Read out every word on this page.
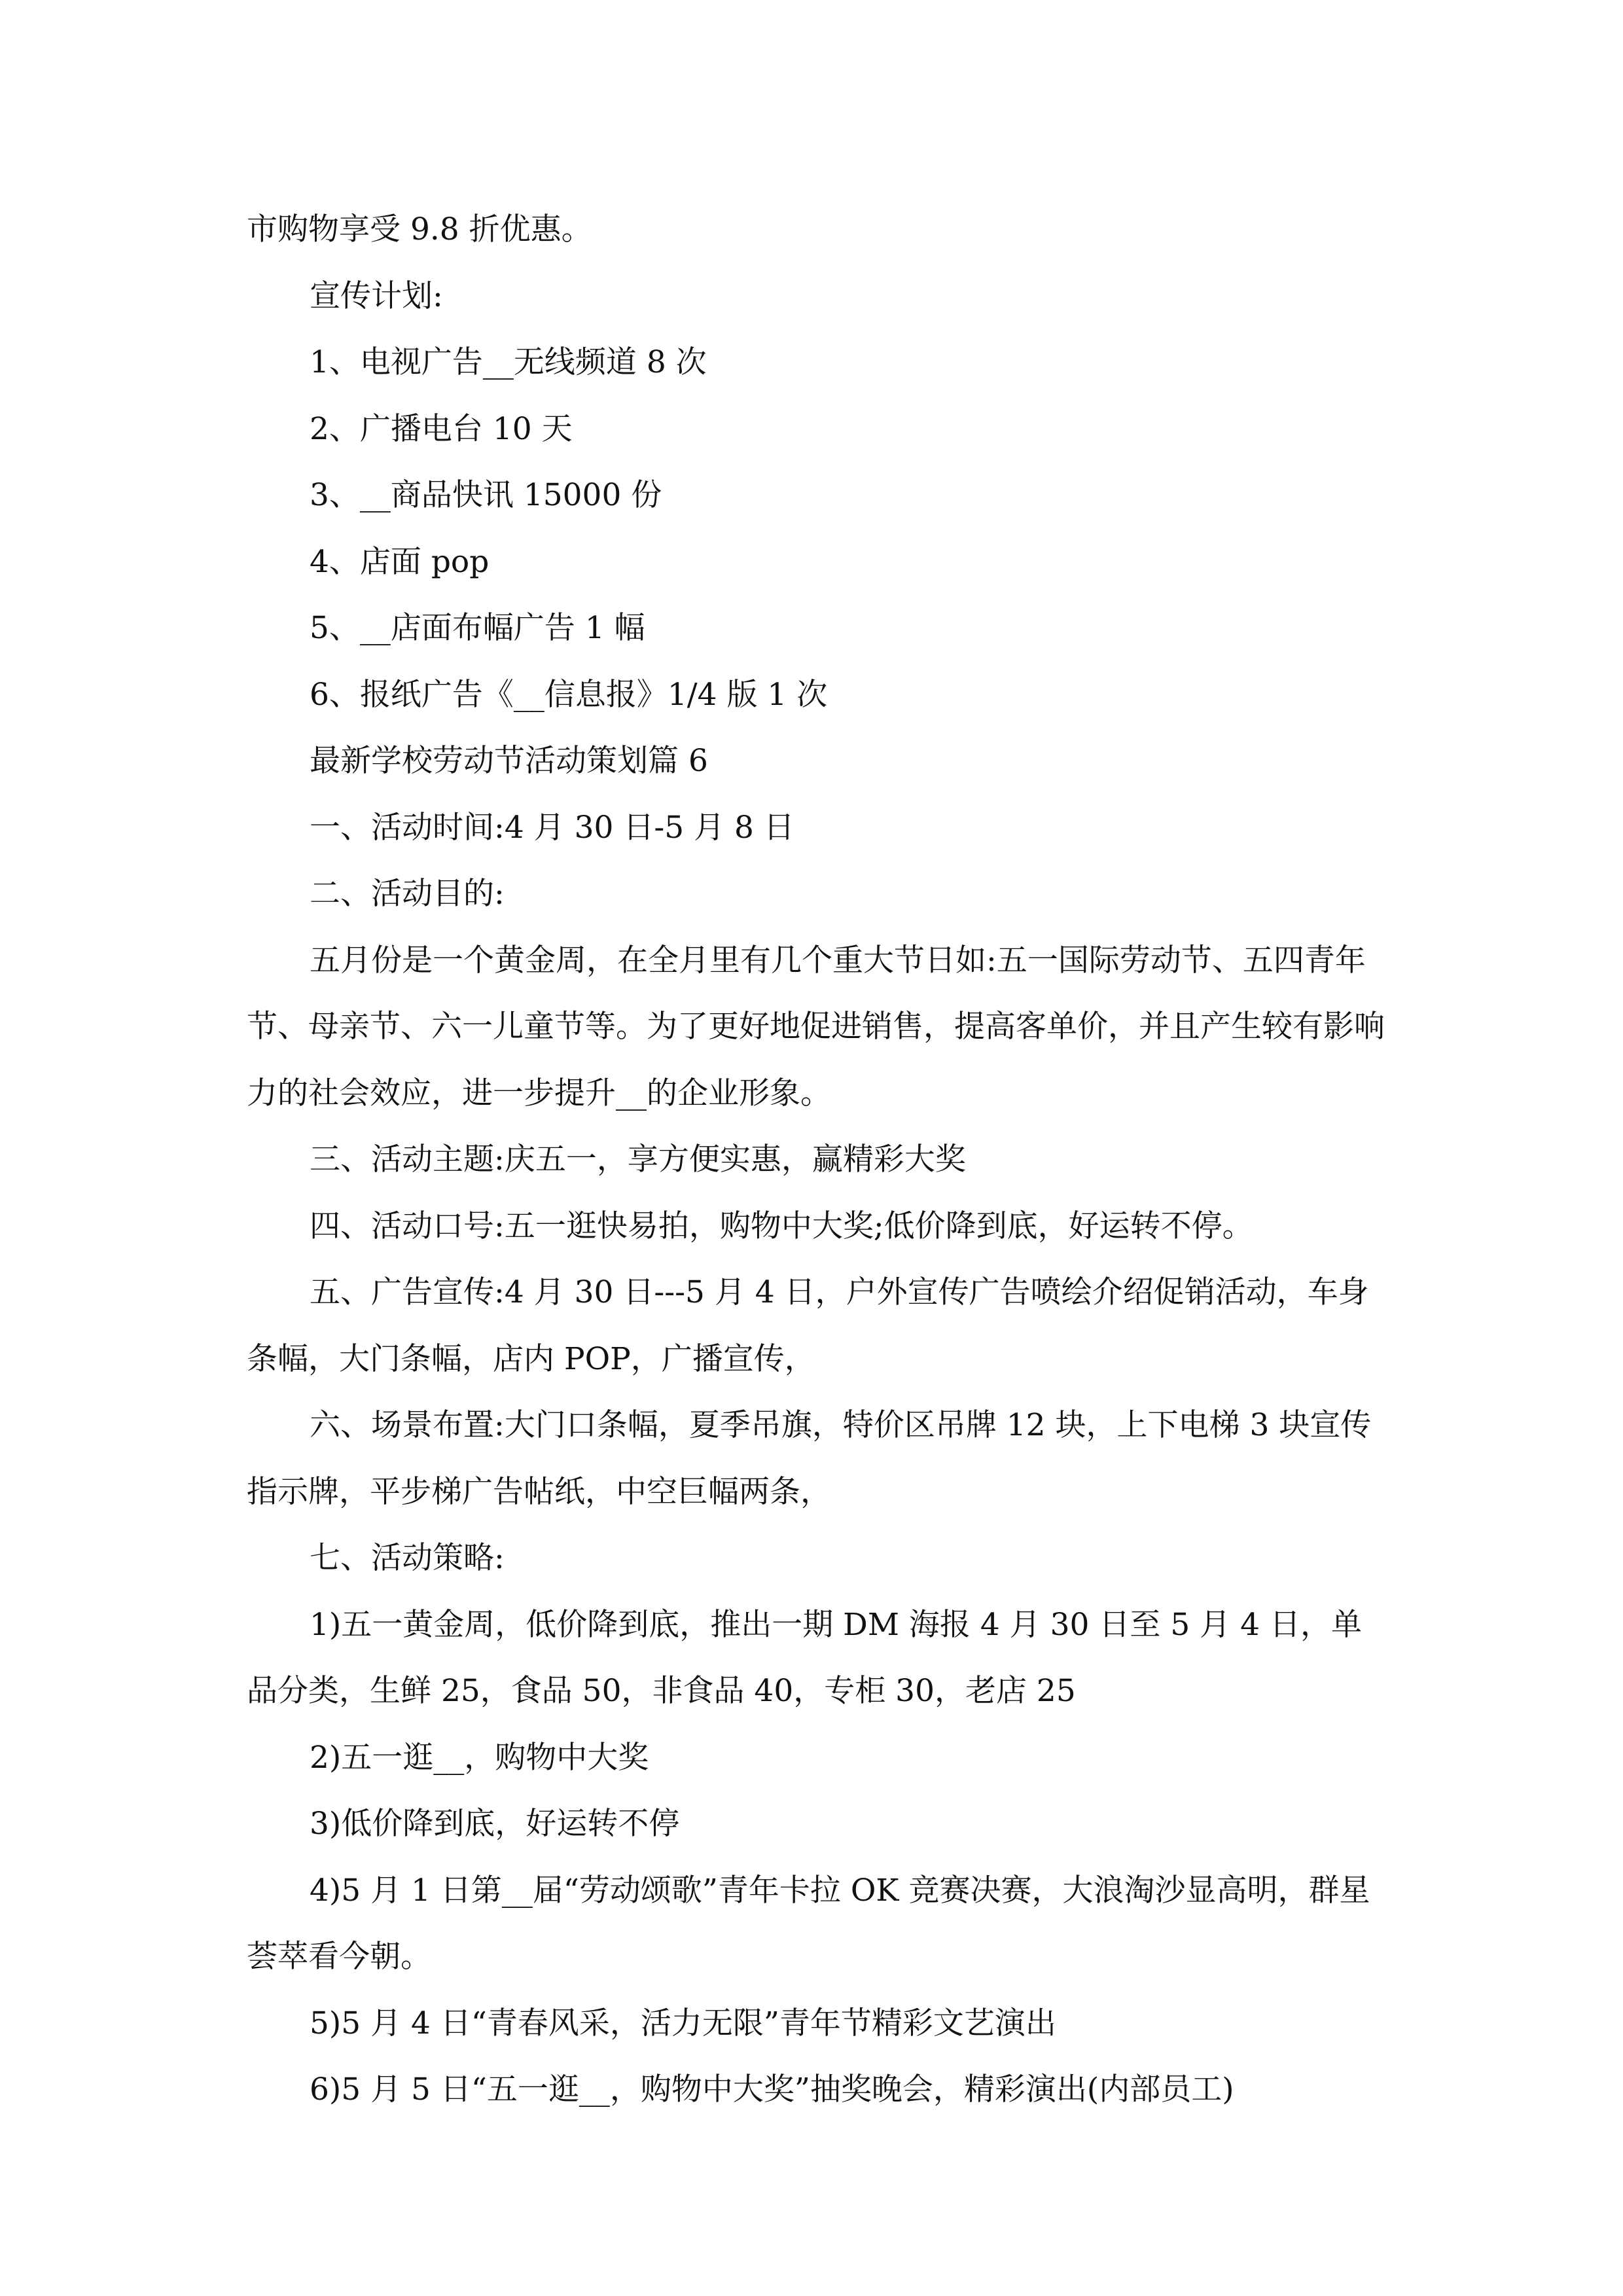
市购物享受 9.8 折优惠。

宣传计划:

1、电视广告__无线频道 8 次

2、广播电台 10 天

3、__商品快讯 15000 份

4、店面 pop

5、__店面布幅广告 1 幅

6、报纸广告《__信息报》1/4 版 1 次

最新学校劳动节活动策划篇 6

一、活动时间:4 月 30 日-5 月 8 日

二、活动目的:

五月份是一个黄金周，在全月里有几个重大节日如:五一国际劳动节、五四青年节、母亲节、六一儿童节等。为了更好地促进销售，提高客单价，并且产生较有影响力的社会效应，进一步提升__的企业形象。

三、活动主题:庆五一，享方便实惠，赢精彩大奖

四、活动口号:五一逛快易拍，购物中大奖;低价降到底，好运转不停。

五、广告宣传:4 月 30 日---5 月 4 日，户外宣传广告喷绘介绍促销活动，车身条幅，大门条幅，店内 POP，广播宣传，

六、场景布置:大门口条幅，夏季吊旗，特价区吊牌 12 块，上下电梯 3 块宣传指示牌，平步梯广告帖纸，中空巨幅两条，

七、活动策略:

1)五一黄金周，低价降到底，推出一期 DM 海报 4 月 30 日至 5 月 4 日，单品分类，生鲜 25，食品 50，非食品 40，专柜 30，老店 25

2)五一逛__，购物中大奖

3)低价降到底，好运转不停

4)5 月 1 日第__届“劳动颂歌”青年卡拉 OK 竞赛决赛，大浪淘沙显高明，群星荟萃看今朝。

5)5 月 4 日“青春风采，活力无限”青年节精彩文艺演出

6)5 月 5 日“五一逛__，购物中大奖”抽奖晚会，精彩演出(内部员工)
